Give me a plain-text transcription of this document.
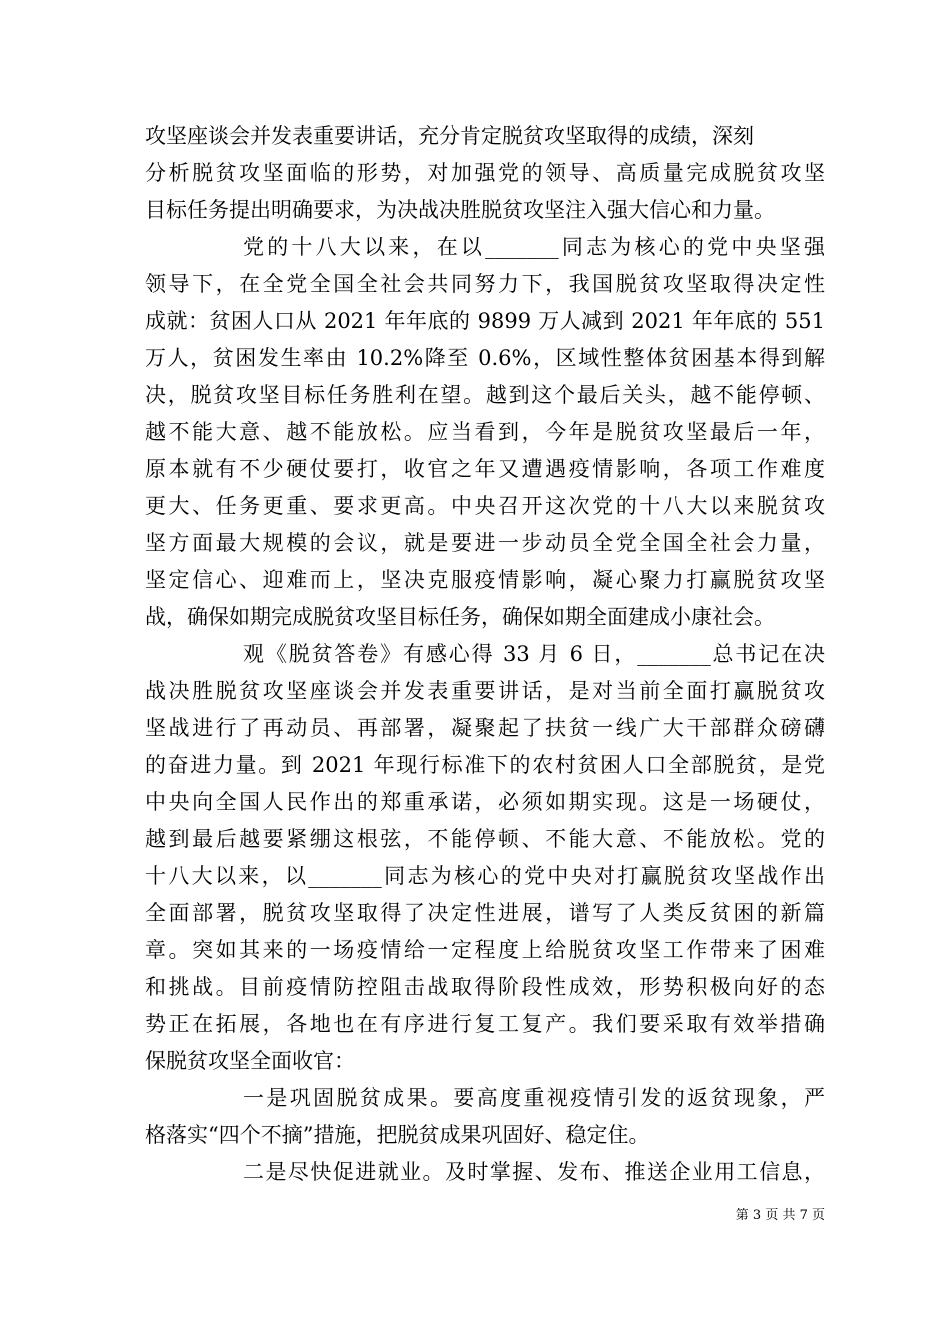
攻坚座谈会并发表重要讲话，充分肯定脱贫攻坚取得的成绩，深刻
分析脱贫攻坚面临的形势，对加强党的领导、高质量完成脱贫攻坚
目标任务提出明确要求，为决战决胜脱贫攻坚注入强大信心和力量。
党的十八大以来，在以_______同志为核心的党中央坚强
领导下，在全党全国全社会共同努力下，我国脱贫攻坚取得决定性
成就：贫困人口从 2021 年年底的 9899 万人减到 2021 年年底的 551
万人，贫困发生率由 10.2%降至 0.6%，区域性整体贫困基本得到解
决，脱贫攻坚目标任务胜利在望。越到这个最后关头，越不能停顿、
越不能大意、越不能放松。应当看到，今年是脱贫攻坚最后一年，
原本就有不少硬仗要打，收官之年又遭遇疫情影响，各项工作难度
更大、任务更重、要求更高。中央召开这次党的十八大以来脱贫攻
坚方面最大规模的会议，就是要进一步动员全党全国全社会力量，
坚定信心、迎难而上，坚决克服疫情影响，凝心聚力打赢脱贫攻坚
战，确保如期完成脱贫攻坚目标任务，确保如期全面建成小康社会。
观《脱贫答卷》有感心得 33 月 6 日，_______总书记在决
战决胜脱贫攻坚座谈会并发表重要讲话，是对当前全面打赢脱贫攻
坚战进行了再动员、再部署，凝聚起了扶贫一线广大干部群众磅礴
的奋进力量。到 2021 年现行标准下的农村贫困人口全部脱贫，是党
中央向全国人民作出的郑重承诺，必须如期实现。这是一场硬仗，
越到最后越要紧绷这根弦，不能停顿、不能大意、不能放松。党的
十八大以来，以_______同志为核心的党中央对打赢脱贫攻坚战作出
全面部署，脱贫攻坚取得了决定性进展，谱写了人类反贫困的新篇
章。突如其来的一场疫情给一定程度上给脱贫攻坚工作带来了困难
和挑战。目前疫情防控阻击战取得阶段性成效，形势积极向好的态
势正在拓展，各地也在有序进行复工复产。我们要采取有效举措确
保脱贫攻坚全面收官：
一是巩固脱贫成果。要高度重视疫情引发的返贫现象，严
格落实“四个不摘”措施，把脱贫成果巩固好、稳定住。
二是尽快促进就业。及时掌握、发布、推送企业用工信息，
第 3 页 共 7 页
